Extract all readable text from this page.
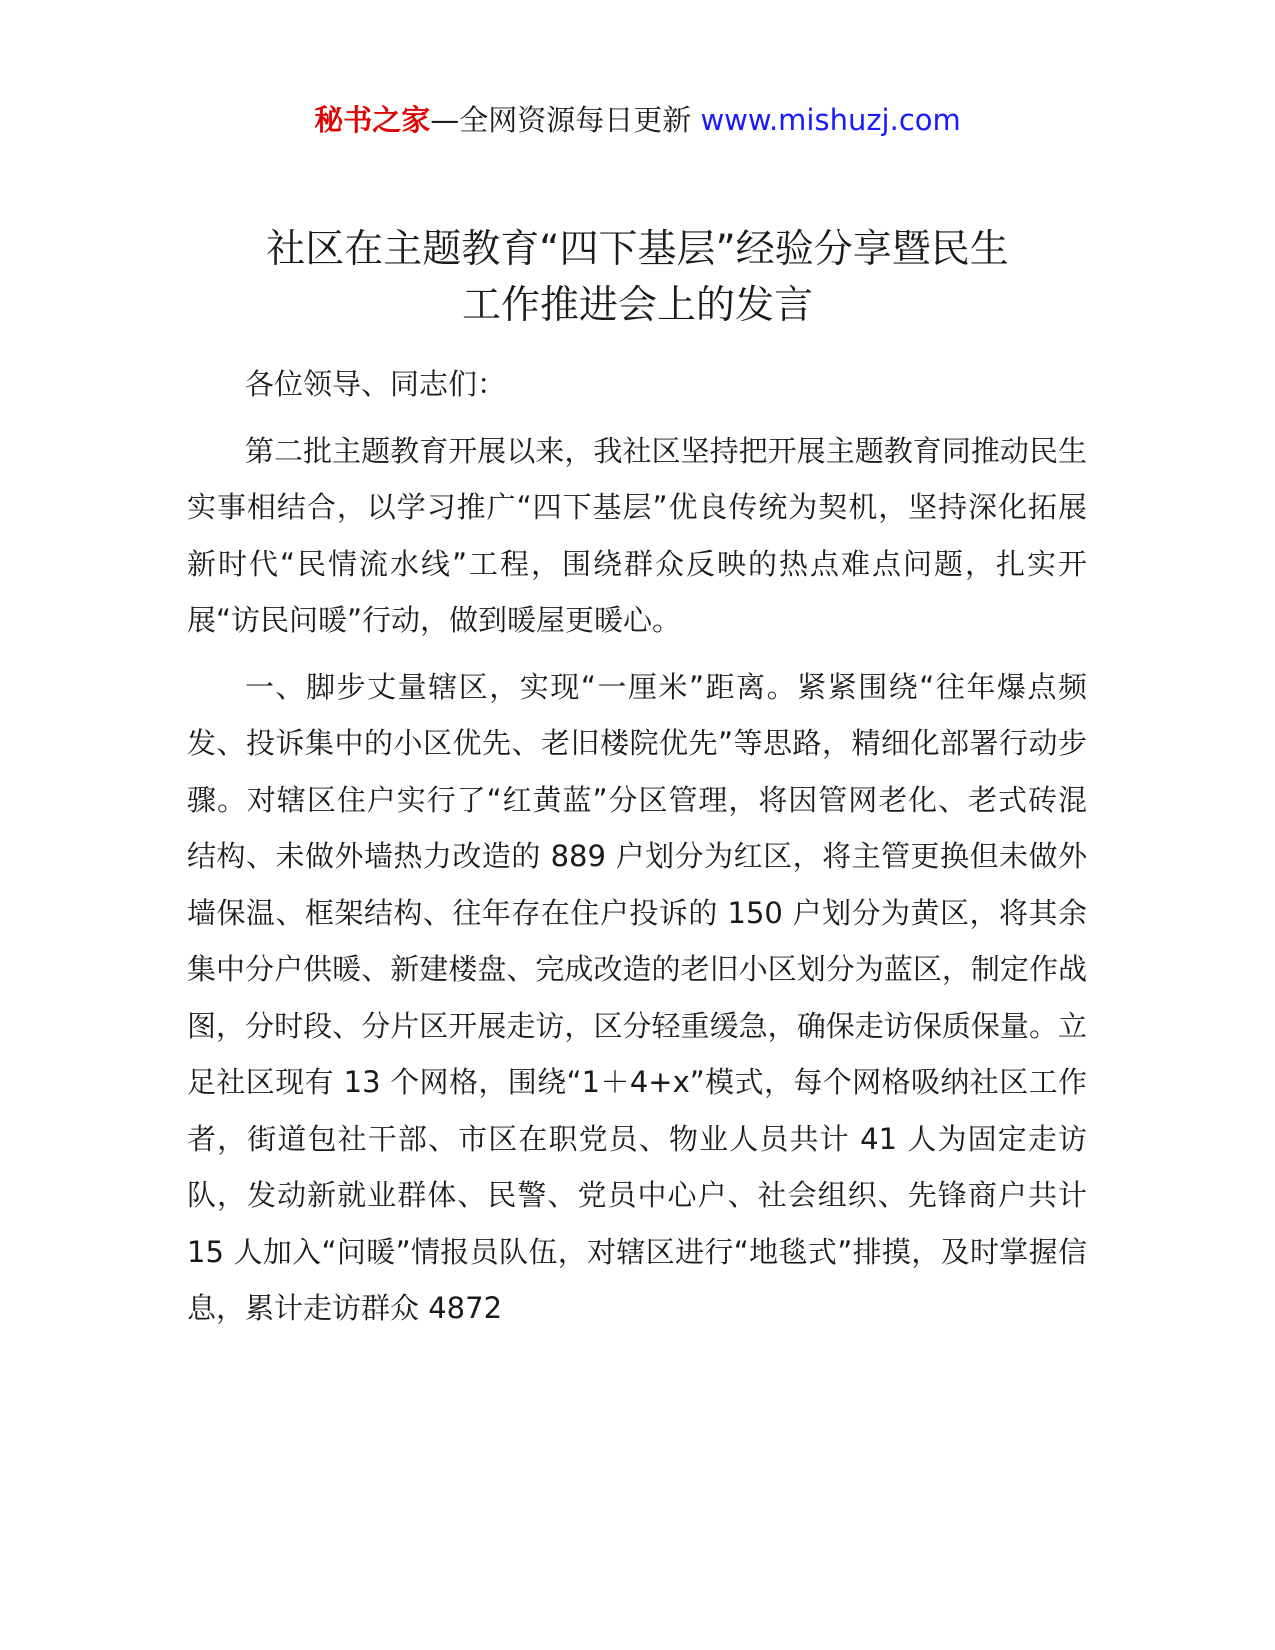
秘书之家—全网资源每日更新 www.mishuzj.com
社区在主题教育“四下基层”经验分享暨民生
工作推进会上的发言

各位领导、同志们：

第二批主题教育开展以来，我社区坚持把开展主题教育同推动民生实事相结合，以学习推广“四下基层”优良传统为契机，坚持深化拓展新时代“民情流水线”工程，围绕群众反映的热点难点问题，扎实开展“访民问暖”行动，做到暖屋更暖心。

一、脚步丈量辖区，实现“一厘米”距离。紧紧围绕“往年爆点频发、投诉集中的小区优先、老旧楼院优先”等思路，精细化部署行动步骤。对辖区住户实行了“红黄蓝”分区管理，将因管网老化、老式砖混结构、未做外墙热力改造的 889 户划分为红区，将主管更换但未做外墙保温、框架结构、往年存在住户投诉的 150 户划分为黄区，将其余集中分户供暖、新建楼盘、完成改造的老旧小区划分为蓝区，制定作战图，分时段、分片区开展走访，区分轻重缓急，确保走访保质保量。立足社区现有 13 个网格，围绕“1＋4+x”模式，每个网格吸纳社区工作者，街道包社干部、市区在职党员、物业人员共计 41 人为固定走访队，发动新就业群体、民警、党员中心户、社会组织、先锋商户共计 15 人加入“问暖”情报员队伍，对辖区进行“地毯式”排摸，及时掌握信息，累计走访群众 4872
